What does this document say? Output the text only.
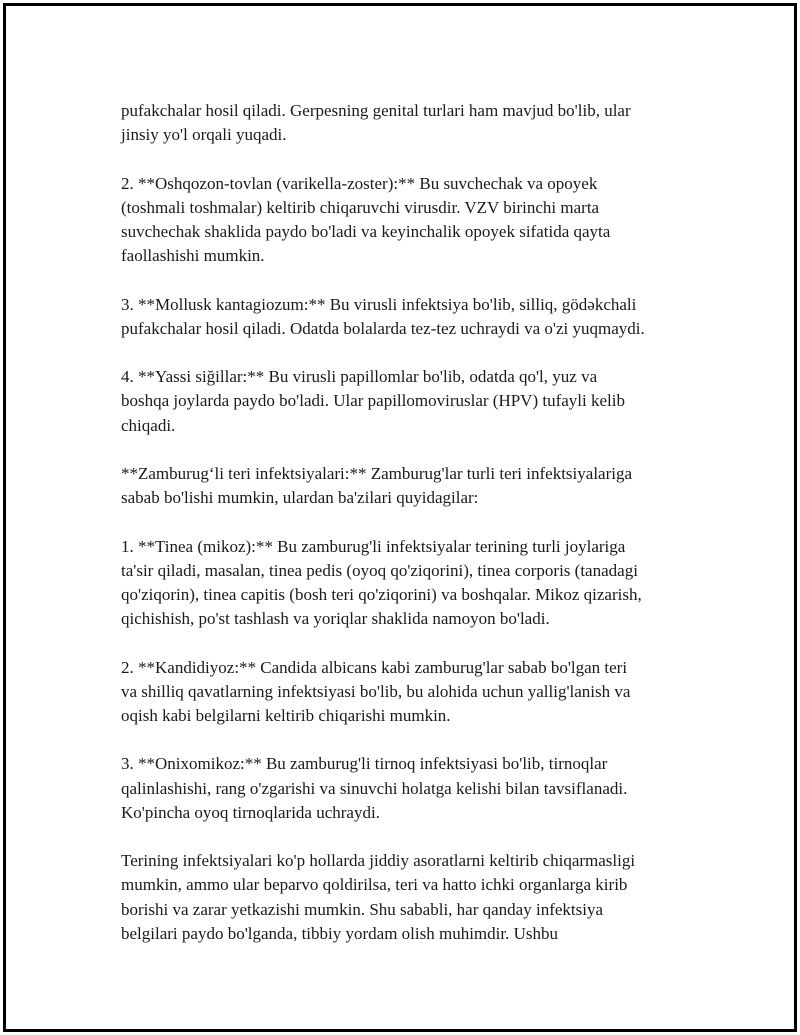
pufakchalar hosil qiladi. Gerpesning genital turlari ham mavjud bo'lib, ular
jinsiy yo'l orqali yuqadi.
2. **Oshqozon-tovlan (varikella-zoster):** Bu suvchechak va opoyek
(toshmali toshmalar) keltirib chiqaruvchi virusdir. VZV birinchi marta
suvchechak shaklida paydo bo'ladi va keyinchalik opoyek sifatida qayta
faollashishi mumkin.
3. **Mollusk kantagiozum:** Bu virusli infektsiya bo'lib, silliq, gödəkchali
pufakchalar hosil qiladi. Odatda bolalarda tez-tez uchraydi va o'zi yuqmaydi.
4. **Yassi siğillar:** Bu virusli papillomlar bo'lib, odatda qo'l, yuz va
boshqa joylarda paydo bo'ladi. Ular papillomoviruslar (HPV) tufayli kelib
chiqadi.
**Zamburug‘li teri infektsiyalari:** Zamburug'lar turli teri infektsiyalariga
sabab bo'lishi mumkin, ulardan ba'zilari quyidagilar:
1. **Tinea (mikoz):** Bu zamburug'li infektsiyalar terining turli joylariga
ta'sir qiladi, masalan, tinea pedis (oyoq qo'ziqorini), tinea corporis (tanadagi
qo'ziqorin), tinea capitis (bosh teri qo'ziqorini) va boshqalar. Mikoz qizarish,
qichishish, po'st tashlash va yoriqlar shaklida namoyon bo'ladi.
2. **Kandidiyoz:** Candida albicans kabi zamburug'lar sabab bo'lgan teri
va shilliq qavatlarning infektsiyasi bo'lib, bu alohida uchun yallig'lanish va
oqish kabi belgilarni keltirib chiqarishi mumkin.
3. **Onixomikoz:** Bu zamburug'li tirnoq infektsiyasi bo'lib, tirnoqlar
qalinlashishi, rang o'zgarishi va sinuvchi holatga kelishi bilan tavsiflanadi.
Ko'pincha oyoq tirnoqlarida uchraydi.
Terining infektsiyalari ko'p hollarda jiddiy asoratlarni keltirib chiqarmasligi
mumkin, ammo ular beparvo qoldirilsa, teri va hatto ichki organlarga kirib
borishi va zarar yetkazishi mumkin. Shu sababli, har qanday infektsiya
belgilari paydo bo'lganda, tibbiy yordam olish muhimdir. Ushbu
